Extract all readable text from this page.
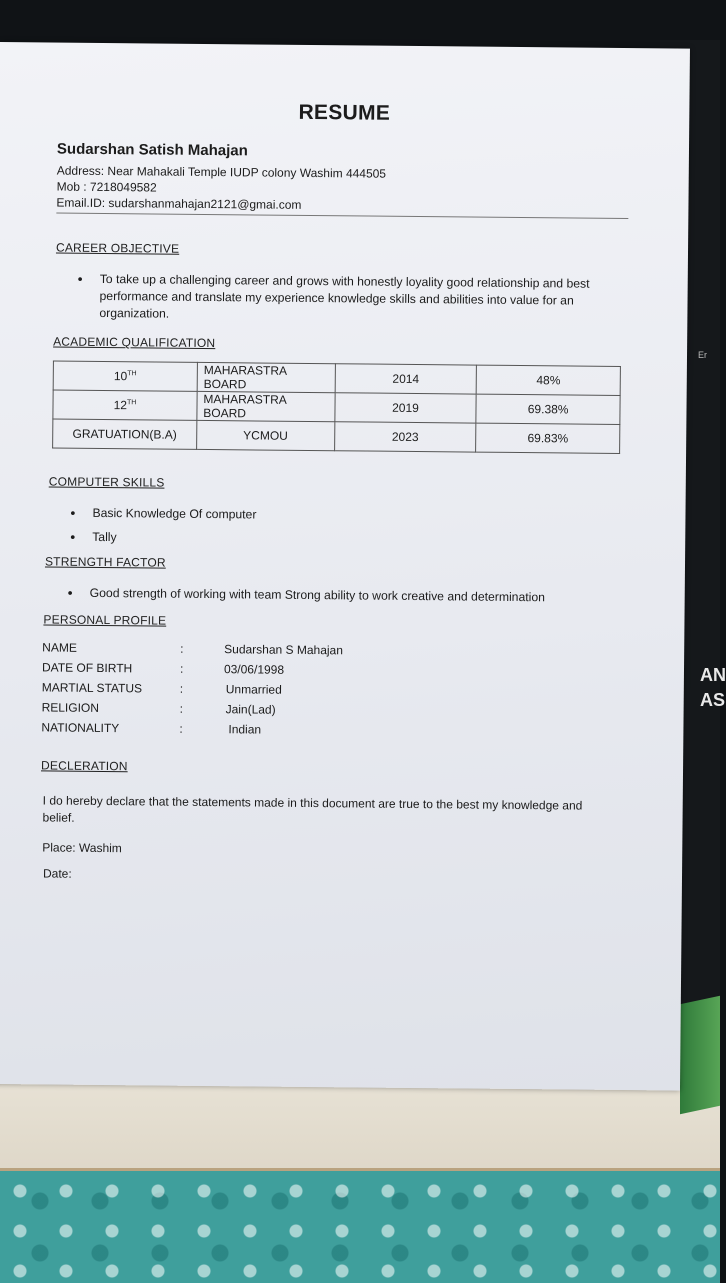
Er
AN
AS
RESUME
Sudarshan Satish Mahajan
Address: Near Mahakali Temple IUDP colony Washim 444505
Mob : 7218049582
Email.ID: sudarshanmahajan2121@gmai.com
CAREER OBJECTIVE
• To take up a challenging career and grows with honestly loyality good relationship and best performance and translate my experience knowledge skills and abilities into value for an organization.
ACADEMIC QUALIFICATION
10TH	MAHARASTRA BOARD	2014	48%
12TH	MAHARASTRA BOARD	2019	69.38%
GRATUATION(B.A)	YCMOU	2023	69.83%
COMPUTER SKILLS
• Basic Knowledge Of computer
• Tally
STRENGTH FACTOR
• Good strength of working with team Strong ability to work creative and determination
PERSONAL PROFILE
NAME	:	Sudarshan S Mahajan
DATE OF BIRTH	:	03/06/1998
MARTIAL STATUS	:	Unmarried
RELIGION	:	Jain(Lad)
NATIONALITY	:	Indian
DECLERATION
I do hereby declare that the statements made in this document are true to the best my knowledge and belief.
Place: Washim
Date:
